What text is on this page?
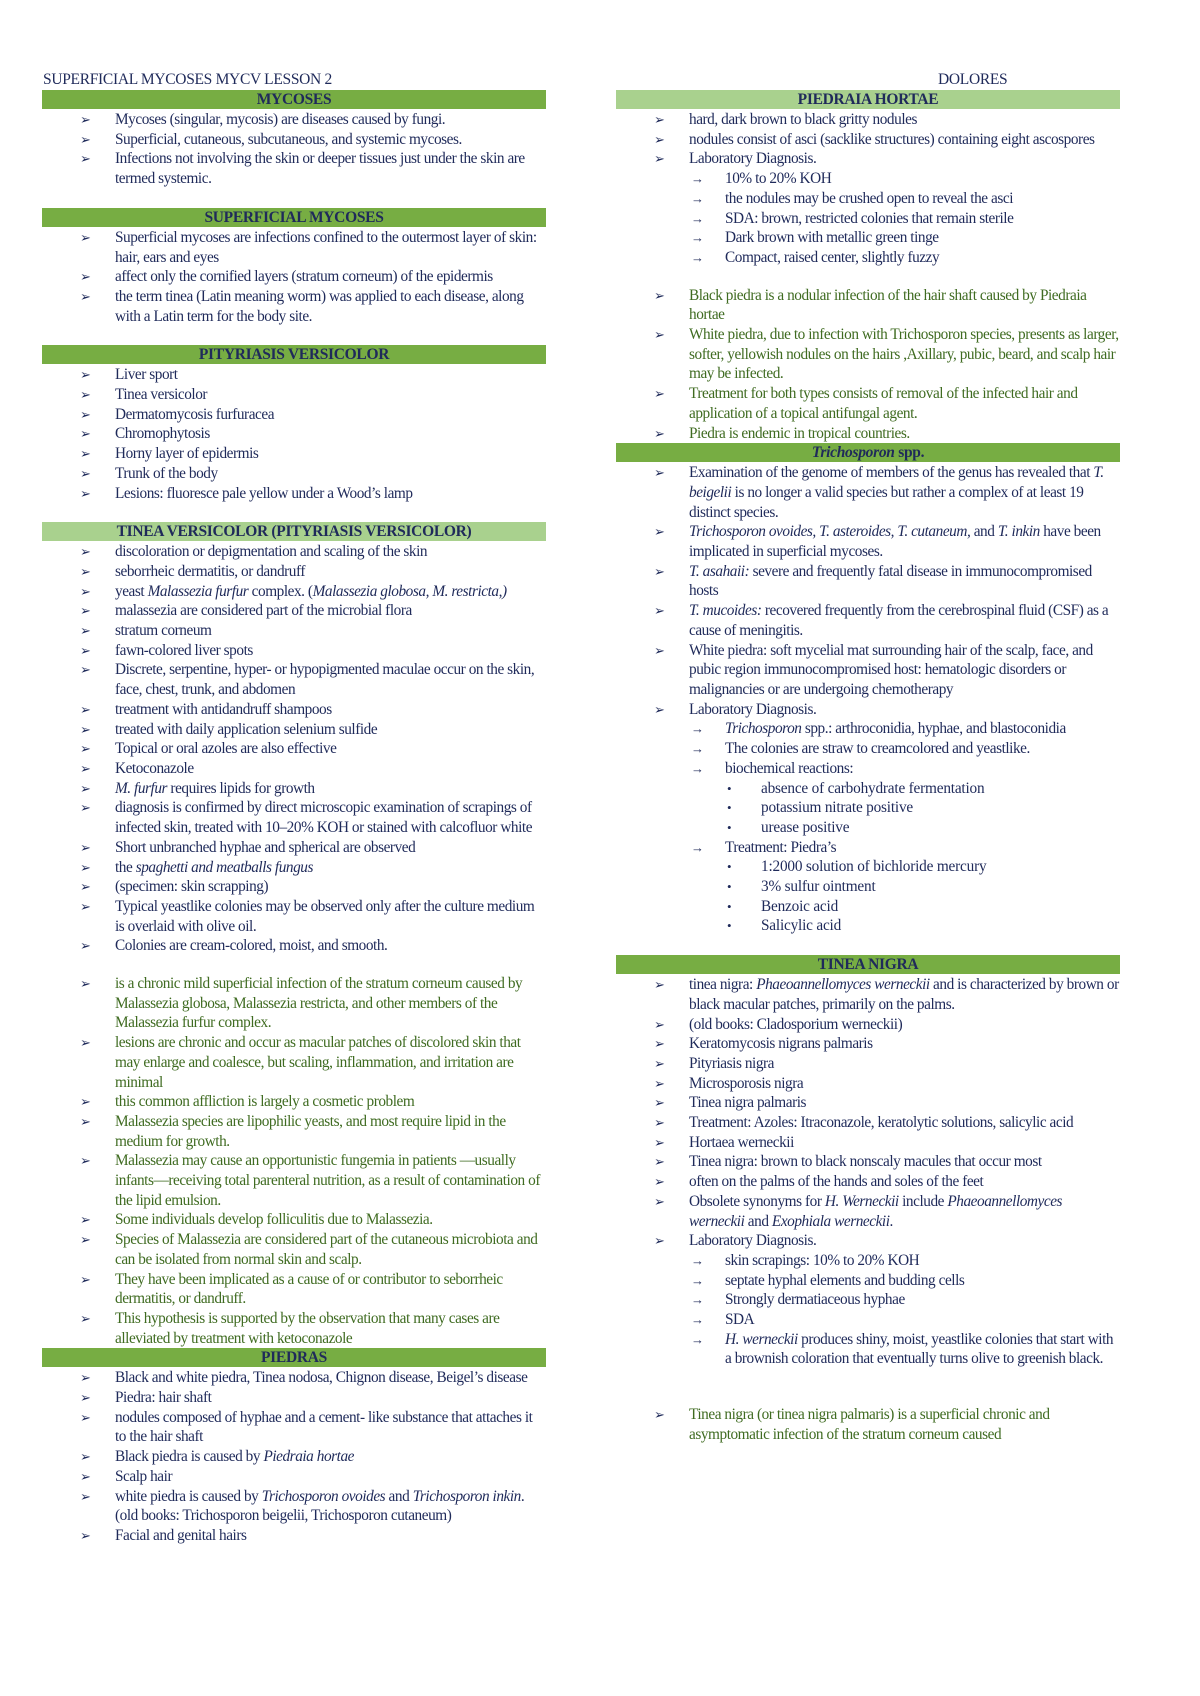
SUPERFICIAL MYCOSES MYCV LESSON 2	DOLORES
MYCOSES
➢ Mycoses (singular, mycosis) are diseases caused by fungi.
➢ Superficial, cutaneous, subcutaneous, and systemic mycoses.
➢ Infections not involving the skin or deeper tissues just under the skin are termed systemic.
SUPERFICIAL MYCOSES
➢ Superficial mycoses are infections confined to the outermost layer of skin: hair, ears and eyes
➢ affect only the cornified layers (stratum corneum) of the epidermis
➢ the term tinea (Latin meaning worm) was applied to each disease, along with a Latin term for the body site.
PITYRIASIS VERSICOLOR
➢ Liver sport
➢ Tinea versicolor
➢ Dermatomycosis furfuracea
➢ Chromophytosis
➢ Horny layer of epidermis
➢ Trunk of the body
➢ Lesions: fluoresce pale yellow under a Wood’s lamp
TINEA VERSICOLOR (PITYRIASIS VERSICOLOR)
➢ discoloration or depigmentation and scaling of the skin
➢ seborrheic dermatitis, or dandruff
➢ yeast Malassezia furfur complex. (Malassezia globosa, M. restricta,)
➢ malassezia are considered part of the microbial flora
➢ stratum corneum
➢ fawn-colored liver spots
➢ Discrete, serpentine, hyper- or hypopigmented maculae occur on the skin, face, chest, trunk, and abdomen
➢ treatment with antidandruff shampoos
➢ treated with daily application selenium sulfide
➢ Topical or oral azoles are also effective
➢ Ketoconazole
➢ M. furfur requires lipids for growth
➢ diagnosis is confirmed by direct microscopic examination of scrapings of infected skin, treated with 10–20% KOH or stained with calcofluor white
➢ Short unbranched hyphae and spherical are observed
➢ the spaghetti and meatballs fungus
➢ (specimen: skin scrapping)
➢ Typical yeastlike colonies may be observed only after the culture medium is overlaid with olive oil.
➢ Colonies are cream-colored, moist, and smooth.
➢ is a chronic mild superficial infection of the stratum corneum caused by Malassezia globosa, Malassezia restricta, and other members of the Malassezia furfur complex.
➢ lesions are chronic and occur as macular patches of discolored skin that may enlarge and coalesce, but scaling, inflammation, and irritation are minimal
➢ this common affliction is largely a cosmetic problem
➢ Malassezia species are lipophilic yeasts, and most require lipid in the medium for growth.
➢ Malassezia may cause an opportunistic fungemia in patients —usually infants—receiving total parenteral nutrition, as a result of contamination of the lipid emulsion.
➢ Some individuals develop folliculitis due to Malassezia.
➢ Species of Malassezia are considered part of the cutaneous microbiota and can be isolated from normal skin and scalp.
➢ They have been implicated as a cause of or contributor to seborrheic dermatitis, or dandruff.
➢ This hypothesis is supported by the observation that many cases are alleviated by treatment with ketoconazole
PIEDRAS
➢ Black and white piedra, Tinea nodosa, Chignon disease, Beigel’s disease
➢ Piedra: hair shaft
➢ nodules composed of hyphae and a cement- like substance that attaches it to the hair shaft
➢ Black piedra is caused by Piedraia hortae
➢ Scalp hair
➢ white piedra is caused by Trichosporon ovoides and Trichosporon inkin. (old books: Trichosporon beigelii, Trichosporon cutaneum)
➢ Facial and genital hairs
PIEDRAIA HORTAE
➢ hard, dark brown to black gritty nodules
➢ nodules consist of asci (sacklike structures) containing eight ascospores
➢ Laboratory Diagnosis.
→ 10% to 20% KOH
→ the nodules may be crushed open to reveal the asci
→ SDA: brown, restricted colonies that remain sterile
→ Dark brown with metallic green tinge
→ Compact, raised center, slightly fuzzy
➢ Black piedra is a nodular infection of the hair shaft caused by Piedraia hortae
➢ White piedra, due to infection with Trichosporon species, presents as larger, softer, yellowish nodules on the hairs ,Axillary, pubic, beard, and scalp hair may be infected.
➢ Treatment for both types consists of removal of the infected hair and application of a topical antifungal agent.
➢ Piedra is endemic in tropical countries.
Trichosporon spp.
➢ Examination of the genome of members of the genus has revealed that T. beigelii is no longer a valid species but rather a complex of at least 19 distinct species.
➢ Trichosporon ovoides, T. asteroides, T. cutaneum, and T. inkin have been implicated in superficial mycoses.
➢ T. asahaii: severe and frequently fatal disease in immunocompromised hosts
➢ T. mucoides: recovered frequently from the cerebrospinal fluid (CSF) as a cause of meningitis.
➢ White piedra: soft mycelial mat surrounding hair of the scalp, face, and pubic region immunocompromised host: hematologic disorders or malignancies or are undergoing chemotherapy
➢ Laboratory Diagnosis.
→ Trichosporon spp.: arthroconidia, hyphae, and blastoconidia
→ The colonies are straw to creamcolored and yeastlike.
→ biochemical reactions:
• absence of carbohydrate fermentation
• potassium nitrate positive
• urease positive
→ Treatment: Piedra’s
• 1:2000 solution of bichloride mercury
• 3% sulfur ointment
• Benzoic acid
• Salicylic acid
TINEA NIGRA
➢ tinea nigra: Phaeoannellomyces werneckii and is characterized by brown or black macular patches, primarily on the palms.
➢ (old books: Cladosporium werneckii)
➢ Keratomycosis nigrans palmaris
➢ Pityriasis nigra
➢ Microsporosis nigra
➢ Tinea nigra palmaris
➢ Treatment: Azoles: Itraconazole, keratolytic solutions, salicylic acid
➢ Hortaea werneckii
➢ Tinea nigra: brown to black nonscaly macules that occur most
➢ often on the palms of the hands and soles of the feet
➢ Obsolete synonyms for H. Werneckii include Phaeoannellomyces werneckii and Exophiala werneckii.
➢ Laboratory Diagnosis.
→ skin scrapings: 10% to 20% KOH
→ septate hyphal elements and budding cells
→ Strongly dermatiaceous hyphae
→ SDA
→ H. werneckii produces shiny, moist, yeastlike colonies that start with a brownish coloration that eventually turns olive to greenish black.
➢ Tinea nigra (or tinea nigra palmaris) is a superficial chronic and asymptomatic infection of the stratum corneum caused
